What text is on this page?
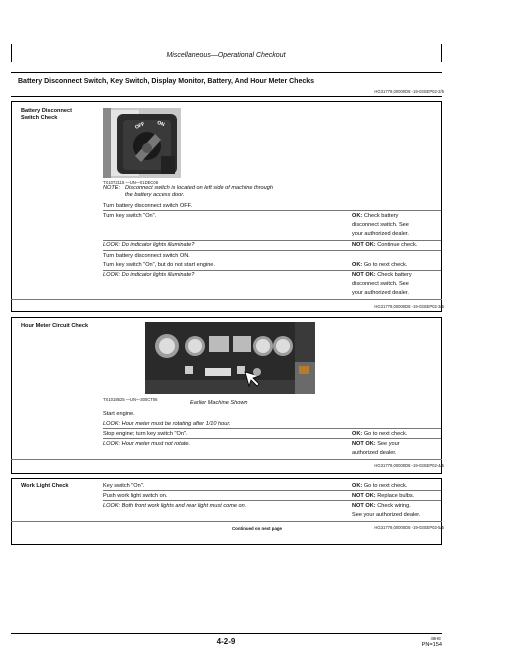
Miscellaneous—Operational Checkout
Battery Disconnect Switch, Key Switch, Display Monitor, Battery, And Hour Meter Checks
HG31779,00000D8 -19-03SEP02-2/5
Battery Disconnect
Switch Check
OFF ON
TX1072115 —UN—01DEC06
NOTE: Disconnect switch is located on left side of machine through
the battery access door.
Turn battery disconnect switch OFF.
Turn key switch "On".	OK: Check battery
disconnect switch. See
your authorized dealer.
LOOK: Do indicator lights illuminate?	NOT OK: Continue check.
Turn battery disconnect switch ON.
Turn key switch "On", but do not start engine.	OK: Go to next check.
LOOK: Do indicator lights illuminate?	NOT OK: Check battery
disconnect switch. See
your authorized dealer.
HG31779,00000D8 -19-03SEP02-3/5
Hour Meter Circuit Check
TX1018525 —UN—300CT06
Earlier Machine Shown
Start engine.
LOOK: Hour meter must be rotating after 1/10 hour.
Stop engine; turn key switch "On".	OK: Go to next check.
LOOK: Hour meter must not rotate.	NOT OK: See your
authorized dealer.
HG31779,00000D8 -19-03SEP02-4/5
Work Light Check	Key switch "On".	OK: Go to next check.
Push work light switch on.	NOT OK: Replace bulbs.
LOOK: Both front work lights and rear light must come on.	NOT OK: Check wiring.
See your authorized dealer.
Continued on next page	HG31779,00000D8 -19-03SEP02-5/5
4-2-9	48HE
PN=154
